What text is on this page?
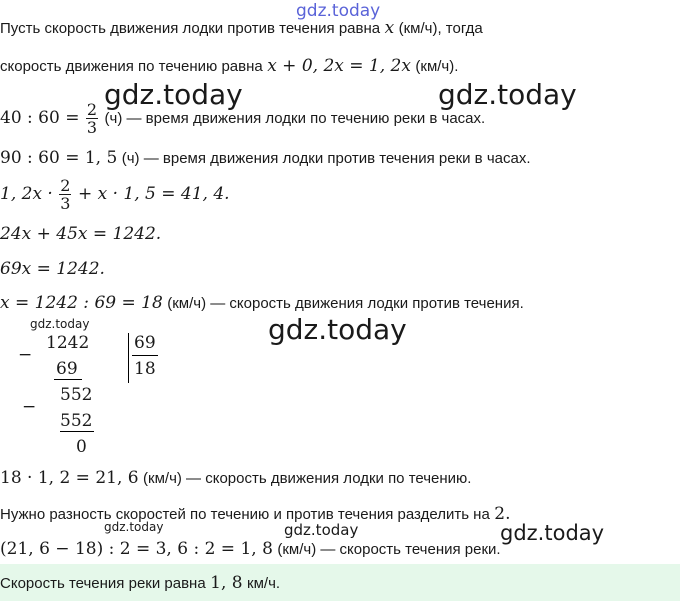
gdz.today
Пусть скорость движения лодки против течения равна x (км/ч), тогда
скорость движения по течению равна x + 0, 2x = 1, 2x (км/ч).
40 : $60 = \frac{2}{3} (ч)$ — время движения лодки по течению реки в часах.
90 : 60 = 1, 5 (ч) — время движения лодки против течения реки в часах.
1, $2x \cdot \frac{2}{3} + x \cdot 1$, 5 = 41, 4.
24x + 45x = 1242.
69x = 1242.
x = 1242 : 69 = 18 (км/ч) — скорость движения лодки против течения.
−
1242
69
−
552
552
0
69
18
18 · 1, 2 = 21, 6 (км/ч) — скорость движения лодки по течению.
Нужно разность скоростей по течению и против течения разделить на 2.
(21, 6 − 18) : 2 = 3, 6 : 2 = 1, 8 (км/ч) — скорость течения реки.
Скорость течения реки равна 1, 8 км/ч.
gdz.today	gdz.today
gdz.today
gdz.today
gdz.today	gdz.today	gdz.today
